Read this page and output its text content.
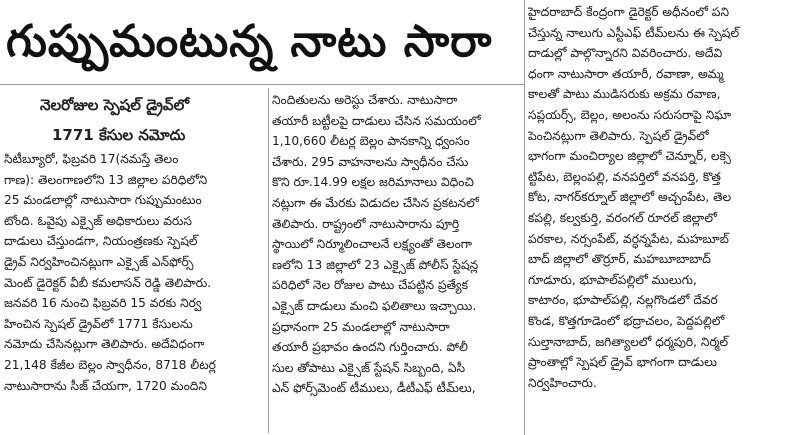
గుప్పుమంటున్న నాటు సారా
నెలరోజుల స్పెషల్ డ్రైవ్‌లో
1771 కేసుల నమోదు
సిటీబ్యూరో, ఫిబ్రవరి 17(నమస్తే తెలం
గాణ): తెలంగాణలోని 13 జిల్లాల పరిధిలోని
25 మండలాల్లో నాటుసారా గుప్పుమంటుం
టోంది. ఓవైపు ఎక్సైజ్ అధికారులు వరుస
దాడులు చేస్తుండగా, నియంత్రణకు స్పెషల్
డ్రైవ్ నిర్వహించినట్లుగా ఎక్సైజ్ ఎన్‌ఫోర్స్
మెంట్ డైరెక్టర్ వీబీ కమలాసన్ రెడ్డి తెలిపారు.
జనవరి 16 నుంచి ఫిబ్రవరి 15 వరకు నిర్వ
హించిన స్పెషల్ డ్రైవ్‌లో 1771 కేసులను
నమోదు చేసినట్లుగా తెలిపారు. అదేవిధంగా
21,148 కేజీల బెల్లం స్వాధీనం, 8718 లీటర్ల
నాటుసారాను సీజ్ చేయగా, 1720 మందిని
నిందితులను అరెస్టు చేశారు. నాటుసారా
తయారీ బట్టీలపై దాడులు చేసిన సమయంలో
1,10,660 లీటర్ల బెల్లం పానకాన్ని ధ్వంసం
చేశారు. 295 వాహనాలను స్వాధీనం చేసు
కొని రూ.14.99 లక్షల జరిమానాలు విధించి
నట్లుగా ఈ మేరకు విడుదల చేసిన ప్రకటనలో
తెలిపారు. రాష్ట్రంలో నాటుసారాను పూర్తి
స్థాయిలో నిర్మూలించాలనే లక్ష్యంతో తెలంగా
ణలోని 13 జిల్లాలో 23 ఎక్సైజ్ పోలీస్ స్టేషన్ల
పరిధిలో నెల రోజుల పాటు చేపట్టిన ప్రత్యేక
ఎక్సైజ్ దాడులు మంచి ఫలితాలు ఇచ్చాయి.
ప్రధానంగా 25 మండలాల్లో నాటుసారా
తయారీ ప్రభావం ఉందని గుర్తించారు. పోలీ
సుల తోపాటు ఎక్సైజ్ స్టేషన్ సిబ్బంది, ఏసీ
ఎన్ ఫోర్స్‌మెంట్ టీములు, డీటీఎఫ్ టీమ్‌లు,
హైదరాబాద్ కేంద్రంగా డైరెక్టర్ అధీనంలో పని
చేస్తున్న నాలుగు ఎస్టీఎఫ్ టీమ్‌లను ఈ స్పెషల్
దాడుల్లో పాల్గొన్నారని వివరించారు. అదేవి
ధంగా నాటుసారా తయారీ, రవాణా, అమ్మ
కాలతో పాటు ముడిసరుకు అక్రమ రవాణ,
సప్లయర్స్, బెల్లం, అలంను సరుసరాపై నిఘా
పెంచినట్లుగా తెలిపారు. స్పెషల్ డ్రైవ్‌లో
భాగంగా మంచిర్యాల జిల్లాలో చెన్నూర్, లక్సె
ట్టిపేట, బెల్లంపల్లి, వనపర్తిలో వనపర్తి, కొత్త
కోట, నాగర్‌కర్నూల్ జిల్లాలో అచ్చంపేట, తెల
కపల్లి, కల్వకుర్తి, వరంగల్ రూరల్ జిల్లాలో
పరకాల, నర్సంపేట్, వర్ధన్నపేట, మహబూబ్
బాద్ జిల్లాలో తొర్రూర్, మహబూబాబాద్
గూడూరు, భూపాల్‌పల్లిలో ములుగు,
కాటారం, భూపాల్‌పల్లి, నల్లగొండలో దేవర
కొండ, కొత్తగూడెంలో భద్రాచలం, పెద్దపల్లిలో
సుల్తానాబాద్, జగిత్యాలలో ధర్మపురి, నిర్మల్
ప్రాంతాల్లో స్పెషల్ డ్రైవ్ భాగంగా దాడులు
నిర్వహించారు.
